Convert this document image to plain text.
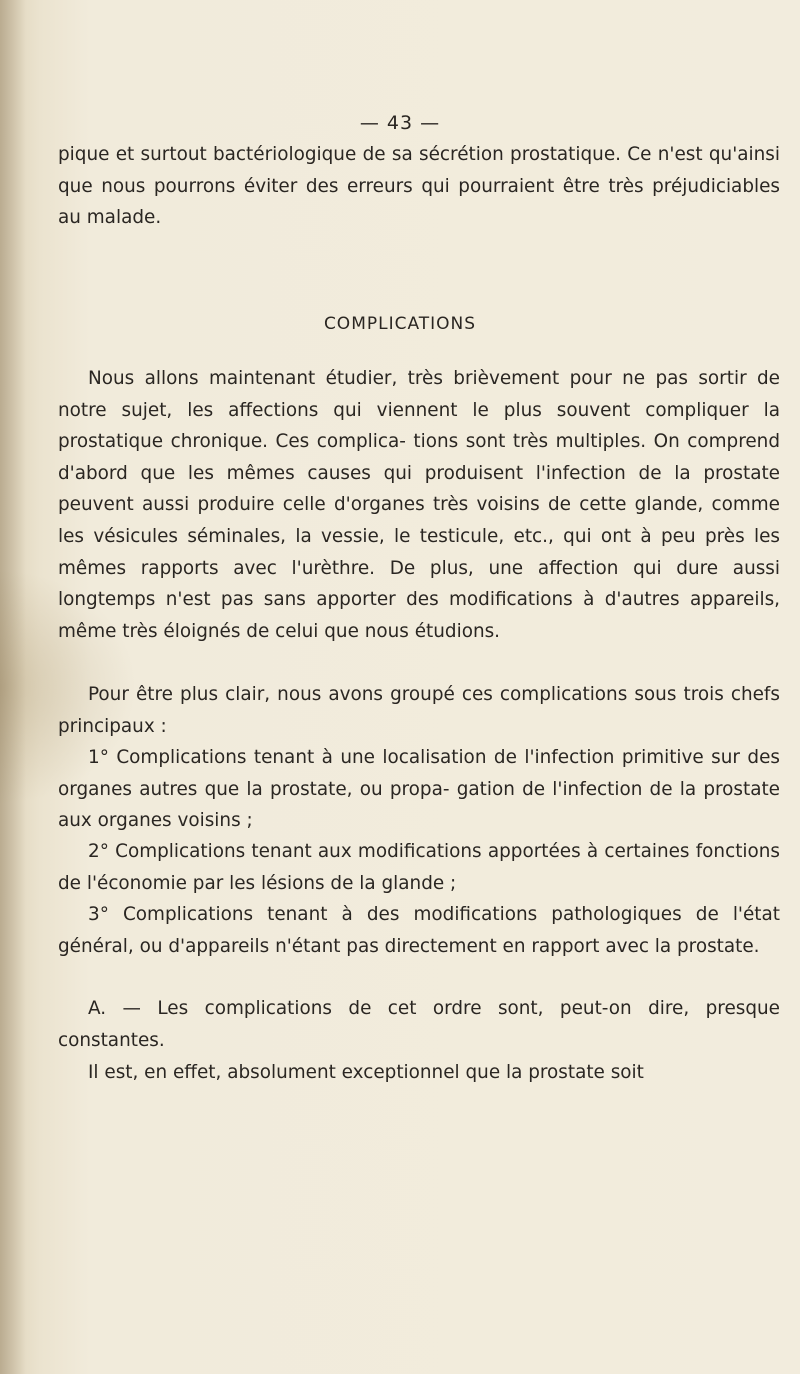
— 43 —

pique et surtout bactériologique de sa sécrétion prostatique. Ce n'est qu'ainsi que nous pourrons éviter des erreurs qui pourraient être très préjudiciables au malade.

COMPLICATIONS

Nous allons maintenant étudier, très brièvement pour ne pas sortir de notre sujet, les affections qui viennent le plus souvent compliquer la prostatique chronique. Ces complica- tions sont très multiples. On comprend d'abord que les mêmes causes qui produisent l'infection de la prostate peuvent aussi produire celle d'organes très voisins de cette glande, comme les vésicules séminales, la vessie, le testicule, etc., qui ont à peu près les mêmes rapports avec l'urèthre. De plus, une affection qui dure aussi longtemps n'est pas sans apporter des modifications à d'autres appareils, même très éloignés de celui que nous étudions.

Pour être plus clair, nous avons groupé ces complications sous trois chefs principaux :

1° Complications tenant à une localisation de l'infection primitive sur des organes autres que la prostate, ou propa- gation de l'infection de la prostate aux organes voisins ;

2° Complications tenant aux modifications apportées à certaines fonctions de l'économie par les lésions de la glande ;

3° Complications tenant à des modifications pathologiques de l'état général, ou d'appareils n'étant pas directement en rapport avec la prostate.

A. — Les complications de cet ordre sont, peut-on dire, presque constantes.

Il est, en effet, absolument exceptionnel que la prostate soit
